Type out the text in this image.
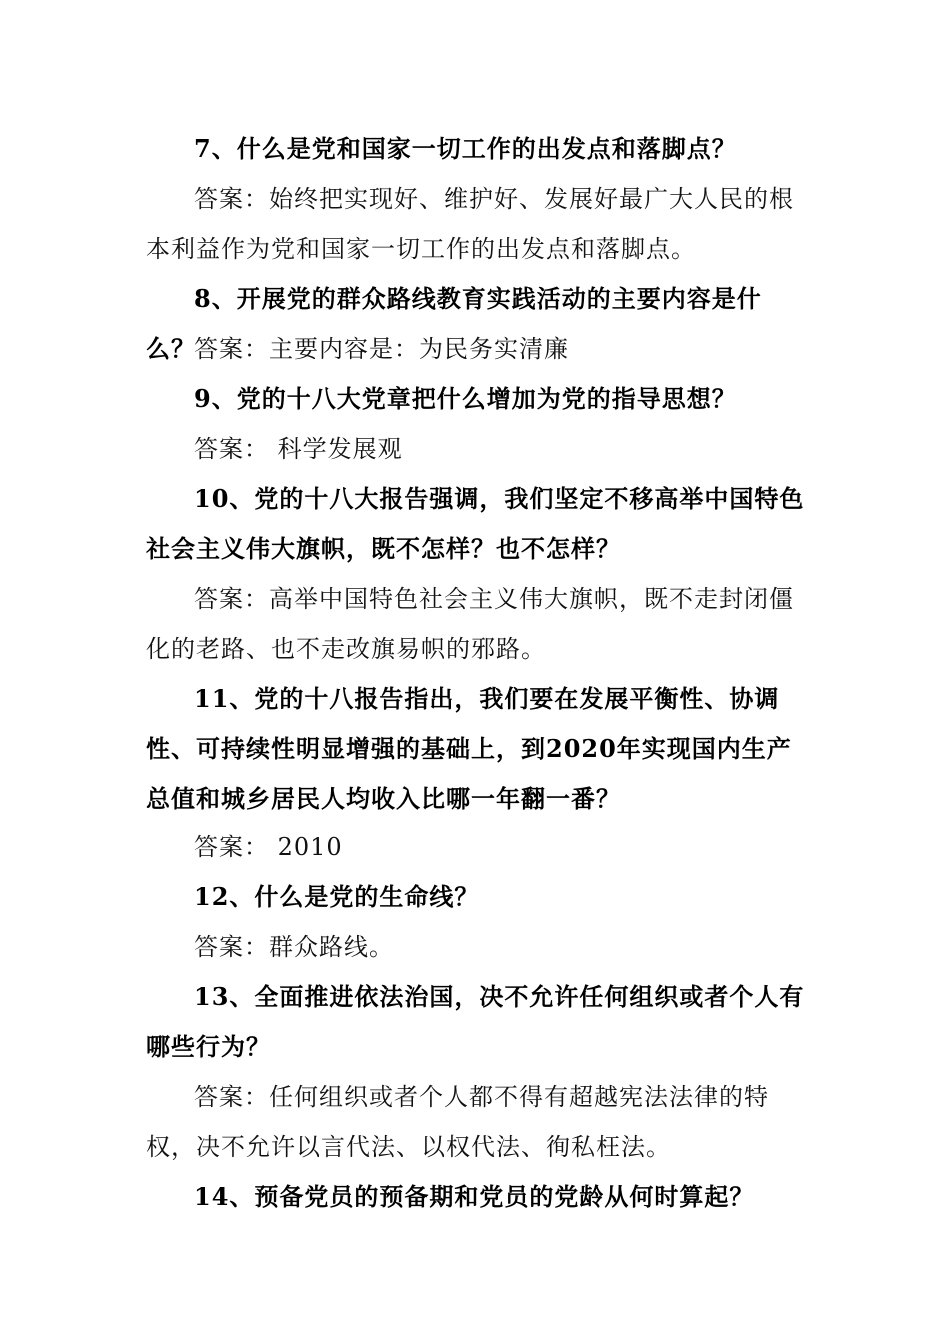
7、什么是党和国家一切工作的出发点和落脚点？

答案：始终把实现好、维护好、发展好最广大人民的根本利益作为党和国家一切工作的出发点和落脚点。

8、开展党的群众路线教育实践活动的主要内容是什么？

答案：主要内容是：为民务实清廉

9、党的十八大党章把什么增加为党的指导思想？

答案： 科学发展观

10、党的十八大报告强调，我们坚定不移高举中国特色社会主义伟大旗帜，既不怎样？也不怎样？

答案：高举中国特色社会主义伟大旗帜，既不走封闭僵化的老路、也不走改旗易帜的邪路。

11、党的十八报告指出，我们要在发展平衡性、协调性、可持续性明显增强的基础上，到2020年实现国内生产总值和城乡居民人均收入比哪一年翻一番？

答案： 2010

12、什么是党的生命线？

答案：群众路线。

13、全面推进依法治国，决不允许任何组织或者个人有哪些行为？

答案：任何组织或者个人都不得有超越宪法法律的特权，决不允许以言代法、以权代法、徇私枉法。

14、预备党员的预备期和党员的党龄从何时算起？
